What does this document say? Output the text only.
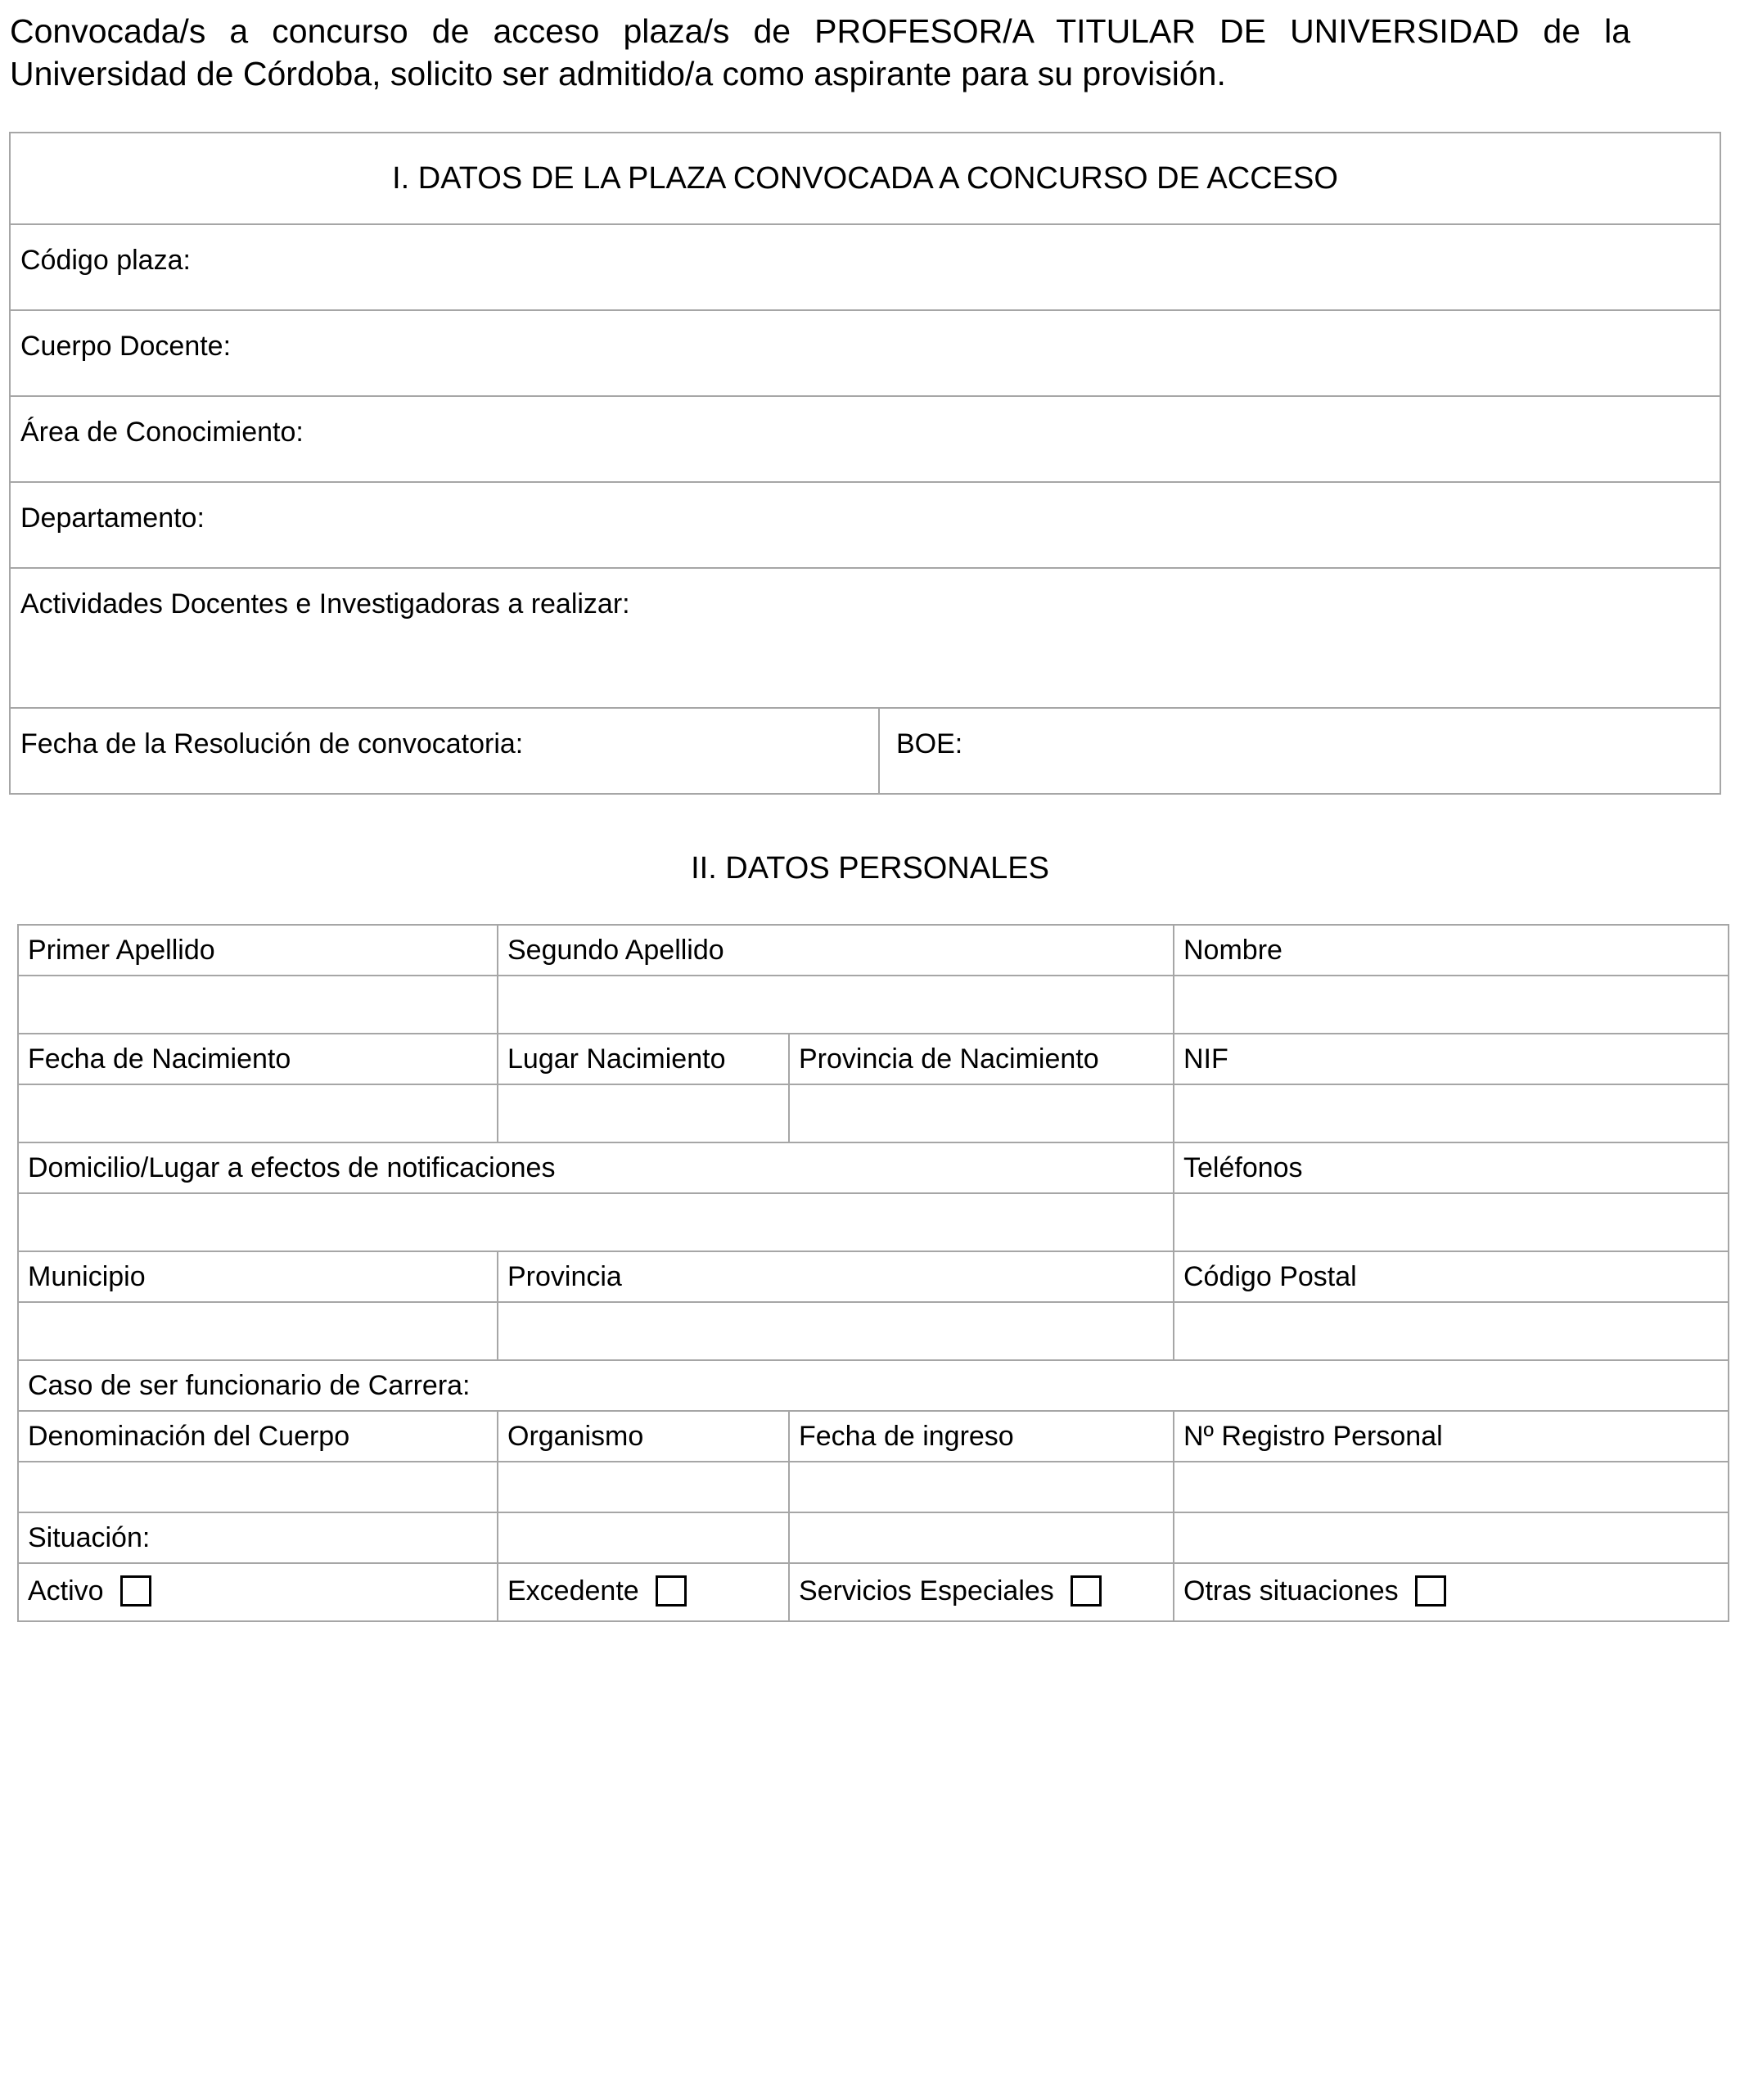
Convocada/s a concurso de acceso plaza/s de PROFESOR/A TITULAR DE UNIVERSIDAD de la Universidad de Córdoba, solicito ser admitido/a como aspirante para su provisión.
I. DATOS DE LA PLAZA CONVOCADA A CONCURSO DE ACCESO
Código plaza:
Cuerpo Docente:
Área de Conocimiento:
Departamento:
Actividades Docentes e Investigadoras a realizar:
Fecha de la Resolución de convocatoria:	BOE:
II. DATOS PERSONALES
Primer Apellido	Segundo Apellido		Nombre

Fecha de Nacimiento	Lugar Nacimiento	Provincia de Nacimiento	NIF

Domicilio/Lugar a efectos de notificaciones			Teléfonos

Municipio	Provincia		Código Postal

Caso de ser funcionario de Carrera:			
Denominación del Cuerpo	Organismo	Fecha de ingreso	Nº Registro Personal

Situación:			
Activo	Excedente	Servicios Especiales	Otras situaciones
